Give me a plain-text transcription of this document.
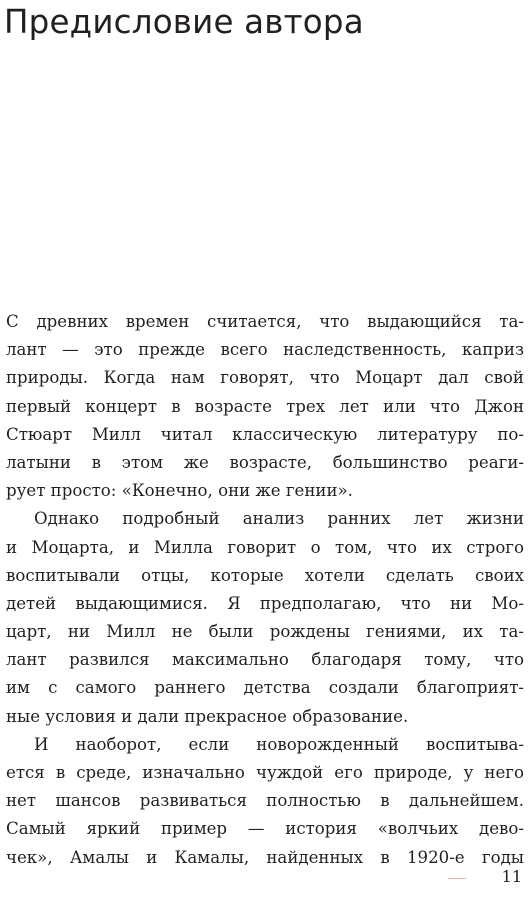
Предисловие автора
С древних времен считается, что выдающийся та-
лант — это прежде всего наследственность, каприз
природы. Когда нам говорят, что Моцарт дал свой
первый концерт в возрасте трех лет или что Джон
Стюарт Милл читал классическую литературу по-
латыни в этом же возрасте, большинство реаги-
рует просто: «Конечно, они же гении».
Однако подробный анализ ранних лет жизни
и Моцарта, и Милла говорит о том, что их строго
воспитывали отцы, которые хотели сделать своих
детей выдающимися. Я предполагаю, что ни Мо-
царт, ни Милл не были рождены гениями, их та-
лант развился максимально благодаря тому, что
им с самого раннего детства создали благоприят-
ные условия и дали прекрасное образование.
И наоборот, если новорожденный воспитыва-
ется в среде, изначально чуждой его природе, у него
нет шансов развиваться полностью в дальнейшем.
Самый яркий пример — история «волчьих дево-
чек», Амалы и Камалы, найденных в 1920-е годы
11
